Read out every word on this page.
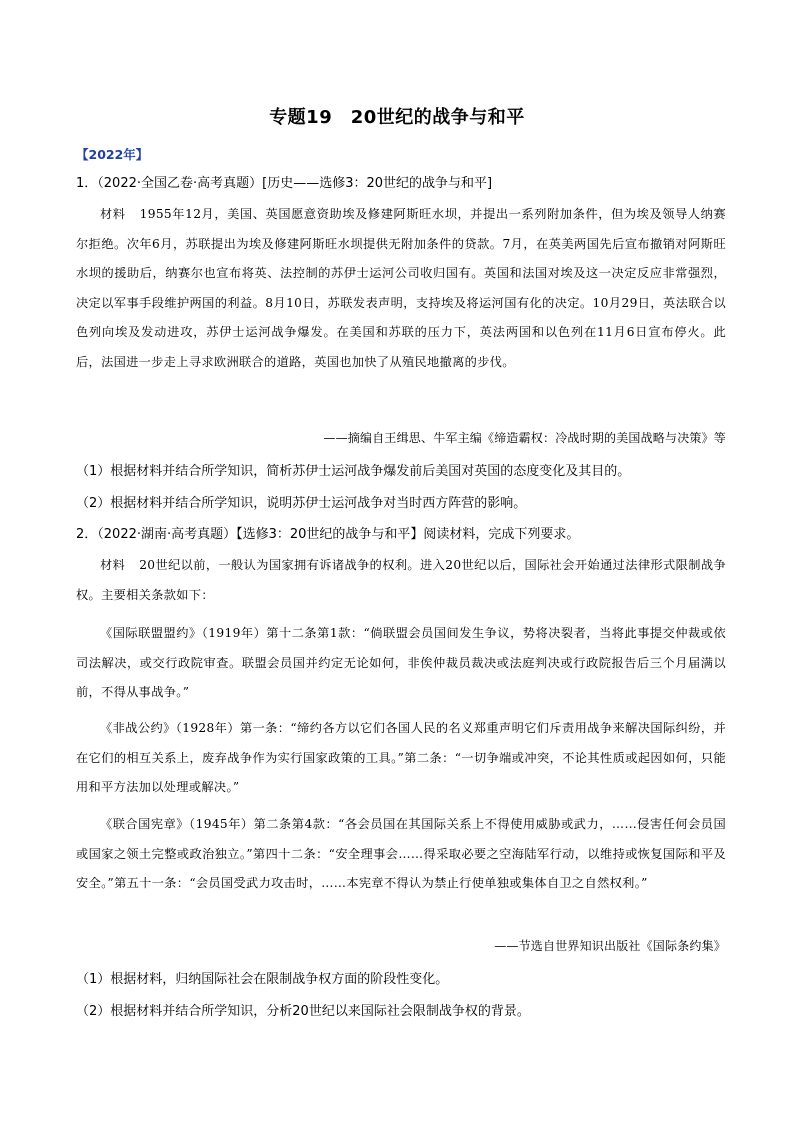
专题19　20世纪的战争与和平
【2022年】
1．（2022·全国乙卷·高考真题）[历史——选修3：20世纪的战争与和平]
材料 1955年12月，美国、英国愿意资助埃及修建阿斯旺水坝，并提出一系列附加条件，但为埃及领导人纳赛尔拒绝。次年6月，苏联提出为埃及修建阿斯旺水坝提供无附加条件的贷款。7月，在英美两国先后宣布撤销对阿斯旺水坝的援助后，纳赛尔也宣布将英、法控制的苏伊士运河公司收归国有。英国和法国对埃及这一决定反应非常强烈，决定以军事手段维护两国的利益。8月10日，苏联发表声明，支持埃及将运河国有化的决定。10月29日，英法联合以色列向埃及发动进攻，苏伊士运河战争爆发。在美国和苏联的压力下，英法两国和以色列在11月6日宣布停火。此后，法国进一步走上寻求欧洲联合的道路，英国也加快了从殖民地撤离的步伐。
——摘编自王缉思、牛军主编《缔造霸权：冷战时期的美国战略与决策》等
（1）根据材料并结合所学知识，简析苏伊士运河战争爆发前后美国对英国的态度变化及其目的。
（2）根据材料并结合所学知识，说明苏伊士运河战争对当时西方阵营的影响。
2．（2022·湖南·高考真题）【选修3：20世纪的战争与和平】阅读材料，完成下列要求。
材料 20世纪以前，一般认为国家拥有诉诸战争的权利。进入20世纪以后，国际社会开始通过法律形式限制战争权。主要相关条款如下：
《国际联盟盟约》（1919年）第十二条第1款：“倘联盟会员国间发生争议，势将决裂者，当将此事提交仲裁或依司法解决，或交行政院审查。联盟会员国并约定无论如何，非俟仲裁员裁决或法庭判决或行政院报告后三个月届满以前，不得从事战争。”
《非战公约》（1928年）第一条：“缔约各方以它们各国人民的名义郑重声明它们斥责用战争来解决国际纠纷，并在它们的相互关系上，废弃战争作为实行国家政策的工具。”第二条：“一切争端或冲突，不论其性质或起因如何，只能用和平方法加以处理或解决。”
《联合国宪章》（1945年）第二条第4款：“各会员国在其国际关系上不得使用威胁或武力，……侵害任何会员国或国家之领土完整或政治独立。”第四十二条：“安全理事会……得采取必要之空海陆军行动，以维持或恢复国际和平及安全。”第五十一条：“会员国受武力攻击时，……本宪章不得认为禁止行使单独或集体自卫之自然权利。”
——节选自世界知识出版社《国际条约集》
（1）根据材料，归纳国际社会在限制战争权方面的阶段性变化。
（2）根据材料并结合所学知识，分析20世纪以来国际社会限制战争权的背景。
